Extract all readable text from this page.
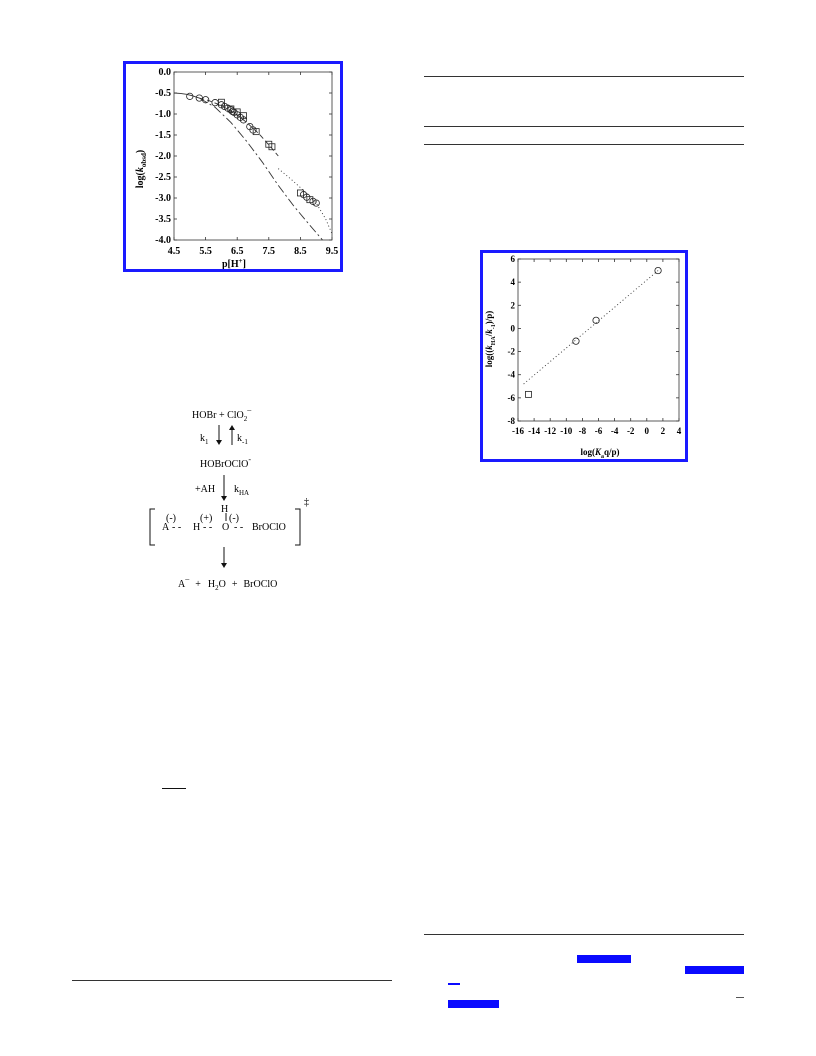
$\log(k_{obsd})$
p[H+]
4.5 5.5 6.5 7.5 8.5 9.5
0.0
-0.5
-1.0
-1.5
-2.0
-2.5
-3.0
-3.5
-4.0
$\log((k_{HA}/k_{-1})/p)$
$\log(K_aq/p)$
-16 -14 -12 -10 -8 -6 -4 -2 0 2 4
6
4
2
0
-2
-4
-6
-8
HOBr + ClO$_2$–
$k_1$	$k_{-1}$
HOBrOClO-
+AH $k_{HA}$
H
‡
(-)
A - -
(+)
H - -
(-)
O - - BrOClO
$A^-+ H_2O$ + BrOClO
